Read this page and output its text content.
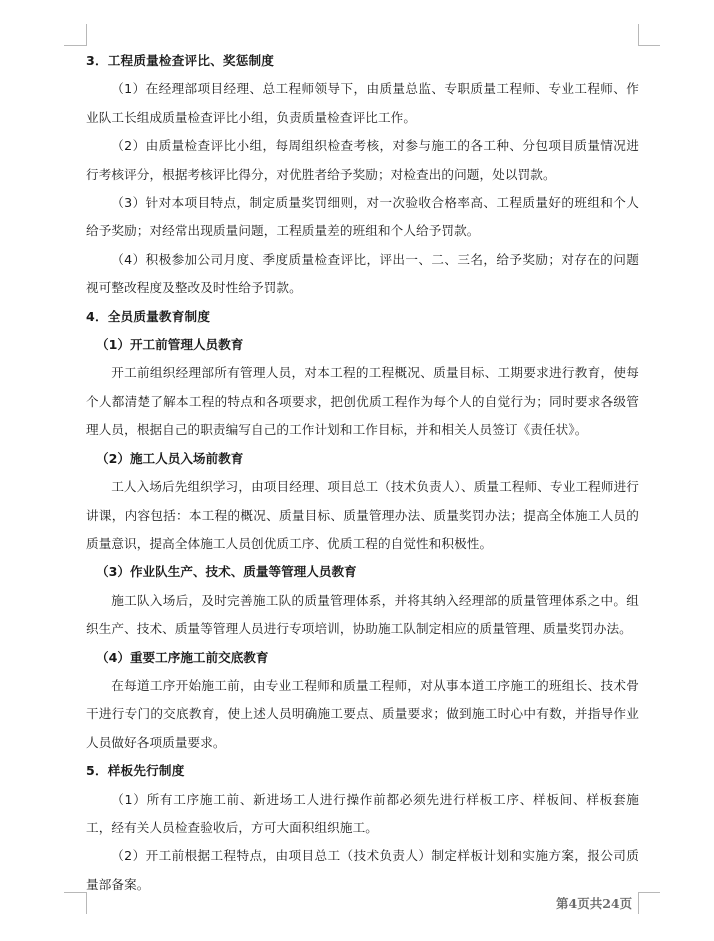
3．工程质量检查评比、奖惩制度
（1）在经理部项目经理、总工程师领导下，由质量总监、专职质量工程师、专业工程师、作业队工长组成质量检查评比小组，负责质量检查评比工作。
（2）由质量检查评比小组，每周组织检查考核，对参与施工的各工种、分包项目质量情况进行考核评分，根据考核评比得分，对优胜者给予奖励；对检查出的问题，处以罚款。
（3）针对本项目特点，制定质量奖罚细则，对一次验收合格率高、工程质量好的班组和个人给予奖励；对经常出现质量问题，工程质量差的班组和个人给予罚款。
（4）积极参加公司月度、季度质量检查评比，评出一、二、三名，给予奖励；对存在的问题视可整改程度及整改及时性给予罚款。
4．全员质量教育制度
（1）开工前管理人员教育
开工前组织经理部所有管理人员，对本工程的工程概况、质量目标、工期要求进行教育，使每个人都清楚了解本工程的特点和各项要求，把创优质工程作为每个人的自觉行为；同时要求各级管理人员，根据自己的职责编写自己的工作计划和工作目标，并和相关人员签订《责任状》。
（2）施工人员入场前教育
工人入场后先组织学习，由项目经理、项目总工（技术负责人）、质量工程师、专业工程师进行讲课，内容包括：本工程的概况、质量目标、质量管理办法、质量奖罚办法；提高全体施工人员的质量意识，提高全体施工人员创优质工序、优质工程的自觉性和积极性。
（3）作业队生产、技术、质量等管理人员教育
施工队入场后，及时完善施工队的质量管理体系，并将其纳入经理部的质量管理体系之中。组织生产、技术、质量等管理人员进行专项培训，协助施工队制定相应的质量管理、质量奖罚办法。
（4）重要工序施工前交底教育
在每道工序开始施工前，由专业工程师和质量工程师，对从事本道工序施工的班组长、技术骨干进行专门的交底教育，使上述人员明确施工要点、质量要求；做到施工时心中有数，并指导作业人员做好各项质量要求。
5．样板先行制度
（1）所有工序施工前、新进场工人进行操作前都必须先进行样板工序、样板间、样板套施工，经有关人员检查验收后，方可大面积组织施工。
（2）开工前根据工程特点，由项目总工（技术负责人）制定样板计划和实施方案，报公司质量部备案。
第4页共24页
